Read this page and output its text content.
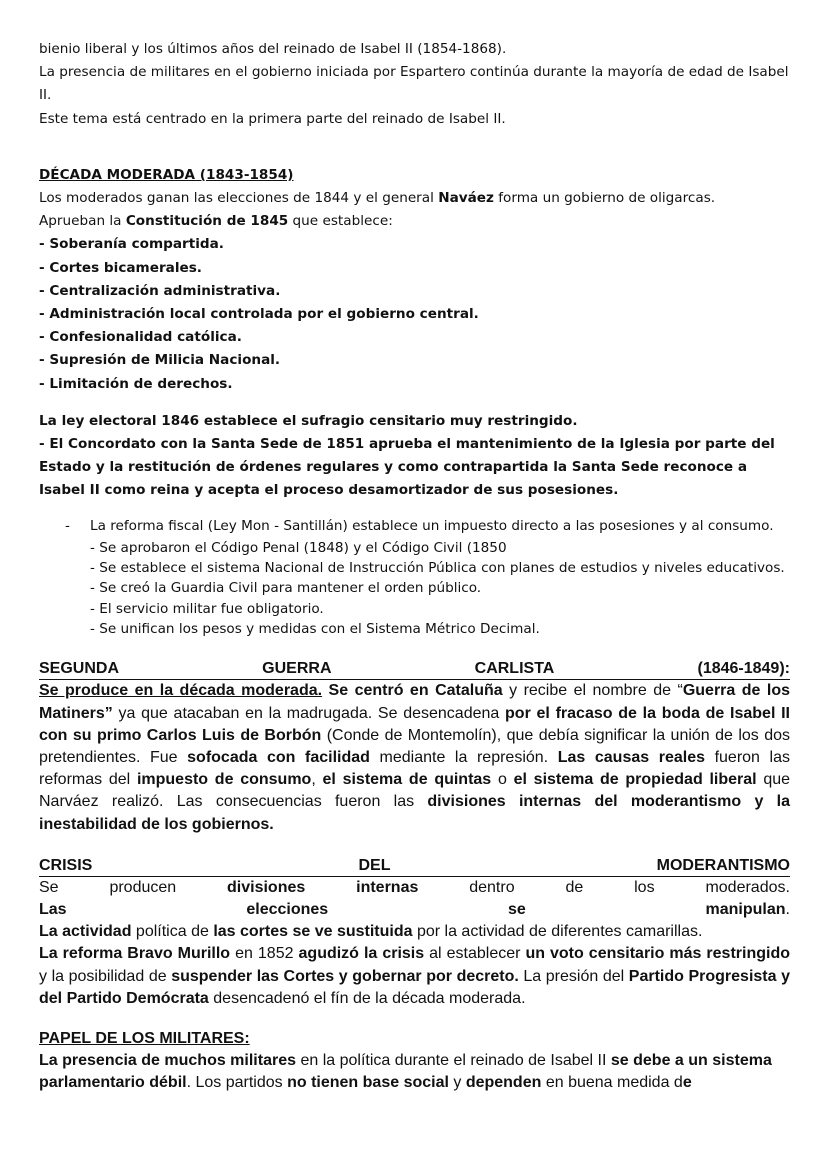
bienio liberal y los últimos años del reinado de Isabel II (1854-1868).

La presencia de militares en el gobierno iniciada por Espartero continúa durante la mayoría de edad de Isabel II.

Este tema está centrado en la primera parte del reinado de Isabel II.

DÉCADA MODERADA (1843-1854)

Los moderados ganan las elecciones de 1844 y el general Naváez forma un gobierno de oligarcas.

Aprueban la Constitución de 1845 que establece:

- Soberanía compartida.

- Cortes bicamerales.

- Centralización administrativa.

- Administración local controlada por el gobierno central.

- Confesionalidad católica.

- Supresión de Milicia Nacional.

- Limitación de derechos.

La ley electoral 1846 establece el sufragio censitario muy restringido.

- El Concordato con la Santa Sede de 1851 aprueba el mantenimiento de la Iglesia por parte del Estado y la restitución de órdenes regulares y como contrapartida la Santa Sede reconoce a Isabel II como reina y acepta el proceso desamortizador de sus posesiones.

-	La reforma fiscal (Ley Mon - Santillán) establece un impuesto directo a las posesiones y al consumo.

- Se aprobaron el Código Penal (1848) y el Código Civil (1850

- Se establece el sistema Nacional de Instrucción Pública con planes de estudios y niveles educativos.

- Se creó la Guardia Civil para mantener el orden público.

- El servicio militar fue obligatorio.

- Se unifican los pesos y medidas con el Sistema Métrico Decimal.

SEGUNDA	GUERRA	CARLISTA	(1846-1849):

Se produce en la década moderada. Se centró en Cataluña y recibe el nombre de “Guerra de los Matiners” ya que atacaban en la madrugada. Se desencadena por el fracaso de la boda de Isabel II con su primo Carlos Luis de Borbón (Conde de Montemolín), que debía significar la unión de los dos pretendientes. Fue sofocada con facilidad mediante la represión. Las causas reales fueron las reformas del impuesto de consumo, el sistema de quintas o el sistema de propiedad liberal que Narváez realizó. Las consecuencias fueron las divisiones internas del moderantismo y la inestabilidad de los gobiernos.

CRISIS	DEL	MODERANTISMO
Se	producen	divisiones	internas	dentro	de	los	moderados.
Las	elecciones	se	manipulan.

La actividad política de las cortes se ve sustituida por la actividad de diferentes camarillas.

La reforma Bravo Murillo en 1852 agudizó la crisis al establecer un voto censitario más restringido y la posibilidad de suspender las Cortes y gobernar por decreto. La presión del Partido Progresista y del Partido Demócrata desencadenó el fín de la década moderada.

PAPEL DE LOS MILITARES:

La presencia de muchos militares en la política durante el reinado de Isabel II se debe a un sistema parlamentario débil. Los partidos no tienen base social y dependen en buena medida de
